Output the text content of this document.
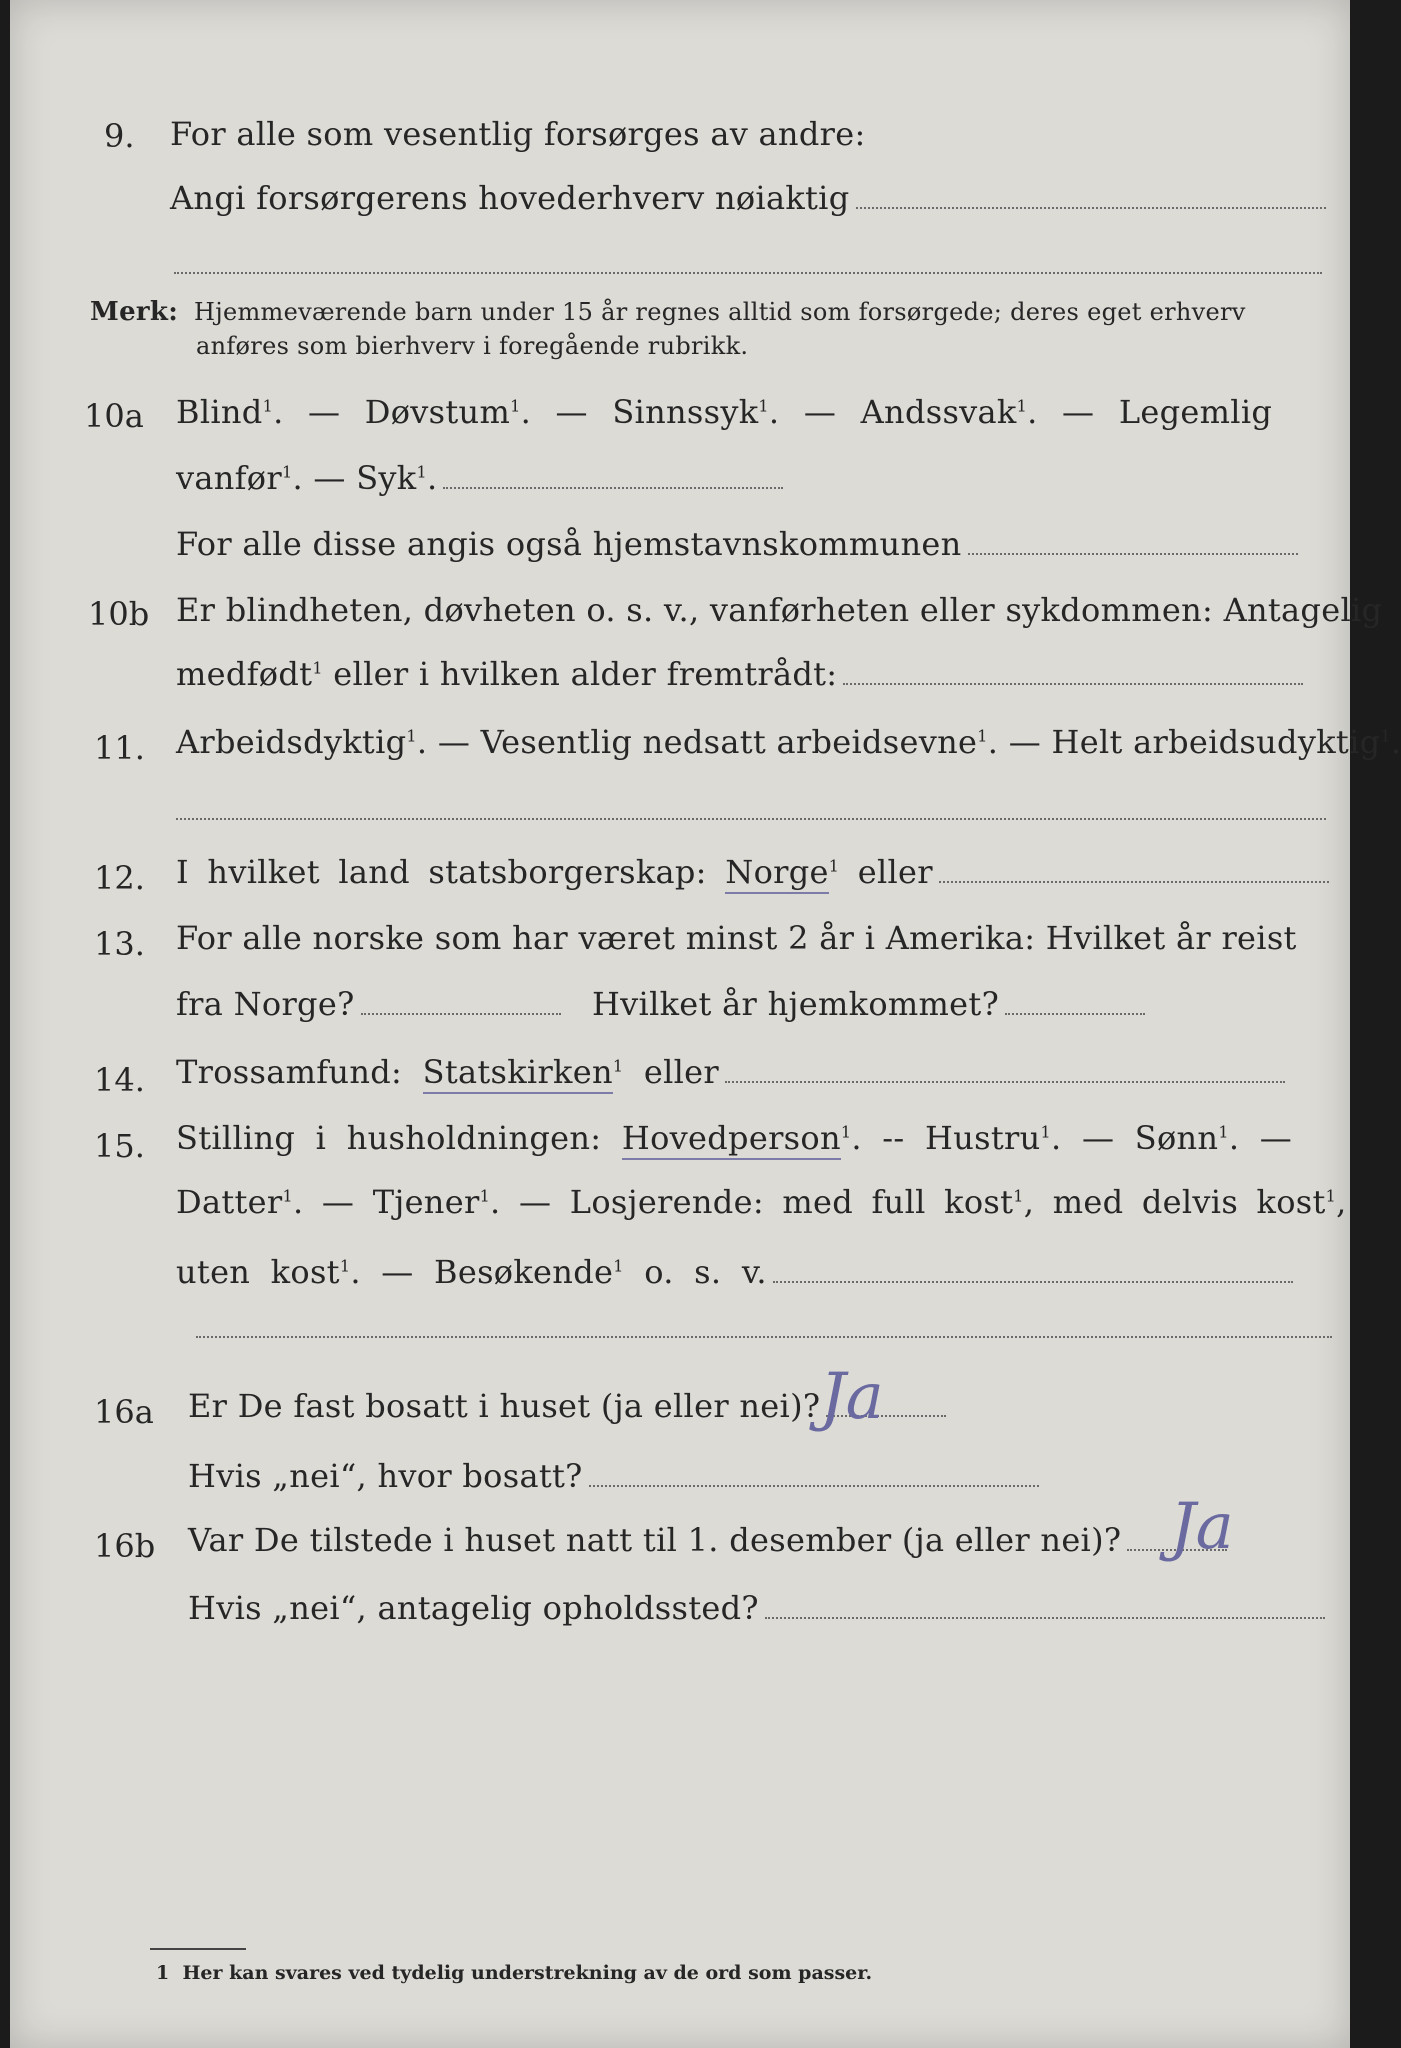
9. For alle som vesentlig forsørges av andre:
Angi forsørgerens hovederhverv nøiaktig
Merk: Hjemmeværende barn under 15 år regnes alltid som forsørgede; deres eget erhverv
anføres som bierhverv i foregående rubrikk.
10a Blind$^1$. — Døvstum$^1$. — Sinnssyk$^1$. — Andssvak$^1$. — Legemlig
vanfør$^1$. — Syk$^1$.
For alle disse angis også hjemstavnskommunen
10b Er blindheten, døvheten o. s. v., vanførheten eller sykdommen: Antagelig
medfødt$^1$ eller i hvilken alder fremtrådt:
11. Arbeidsdyktig$^1$. — Vesentlig nedsatt arbeidsevne$^1$. — Helt arbeidsudyktig$^1$.
12. I hvilket land statsborgerskap: Norge$^1$ eller
13. For alle norske som har været minst 2 år i Amerika: Hvilket år reist
fra Norge?	Hvilket år hjemkommet?
14. Trossamfund: Statskirken$^1$ eller
15. Stilling i husholdningen: Hovedperson$^1$. -- Hustru$^1$. — Sønn$^1$. —
Datter$^1$. — Tjener$^1$. — Losjerende: med full kost$^1$, med delvis kost$^1$,
uten kost$^1$. — Besøkende$^1$ o. s. v.
16a Er De fast bosatt i huset (ja eller nei)? Ja
Hvis „nei“, hvor bosatt?
16b Var De tilstede i huset natt til 1. desember (ja eller nei)? Ja
Hvis „nei“, antagelig opholdssted?
1 Her kan svares ved tydelig understrekning av de ord som passer.
